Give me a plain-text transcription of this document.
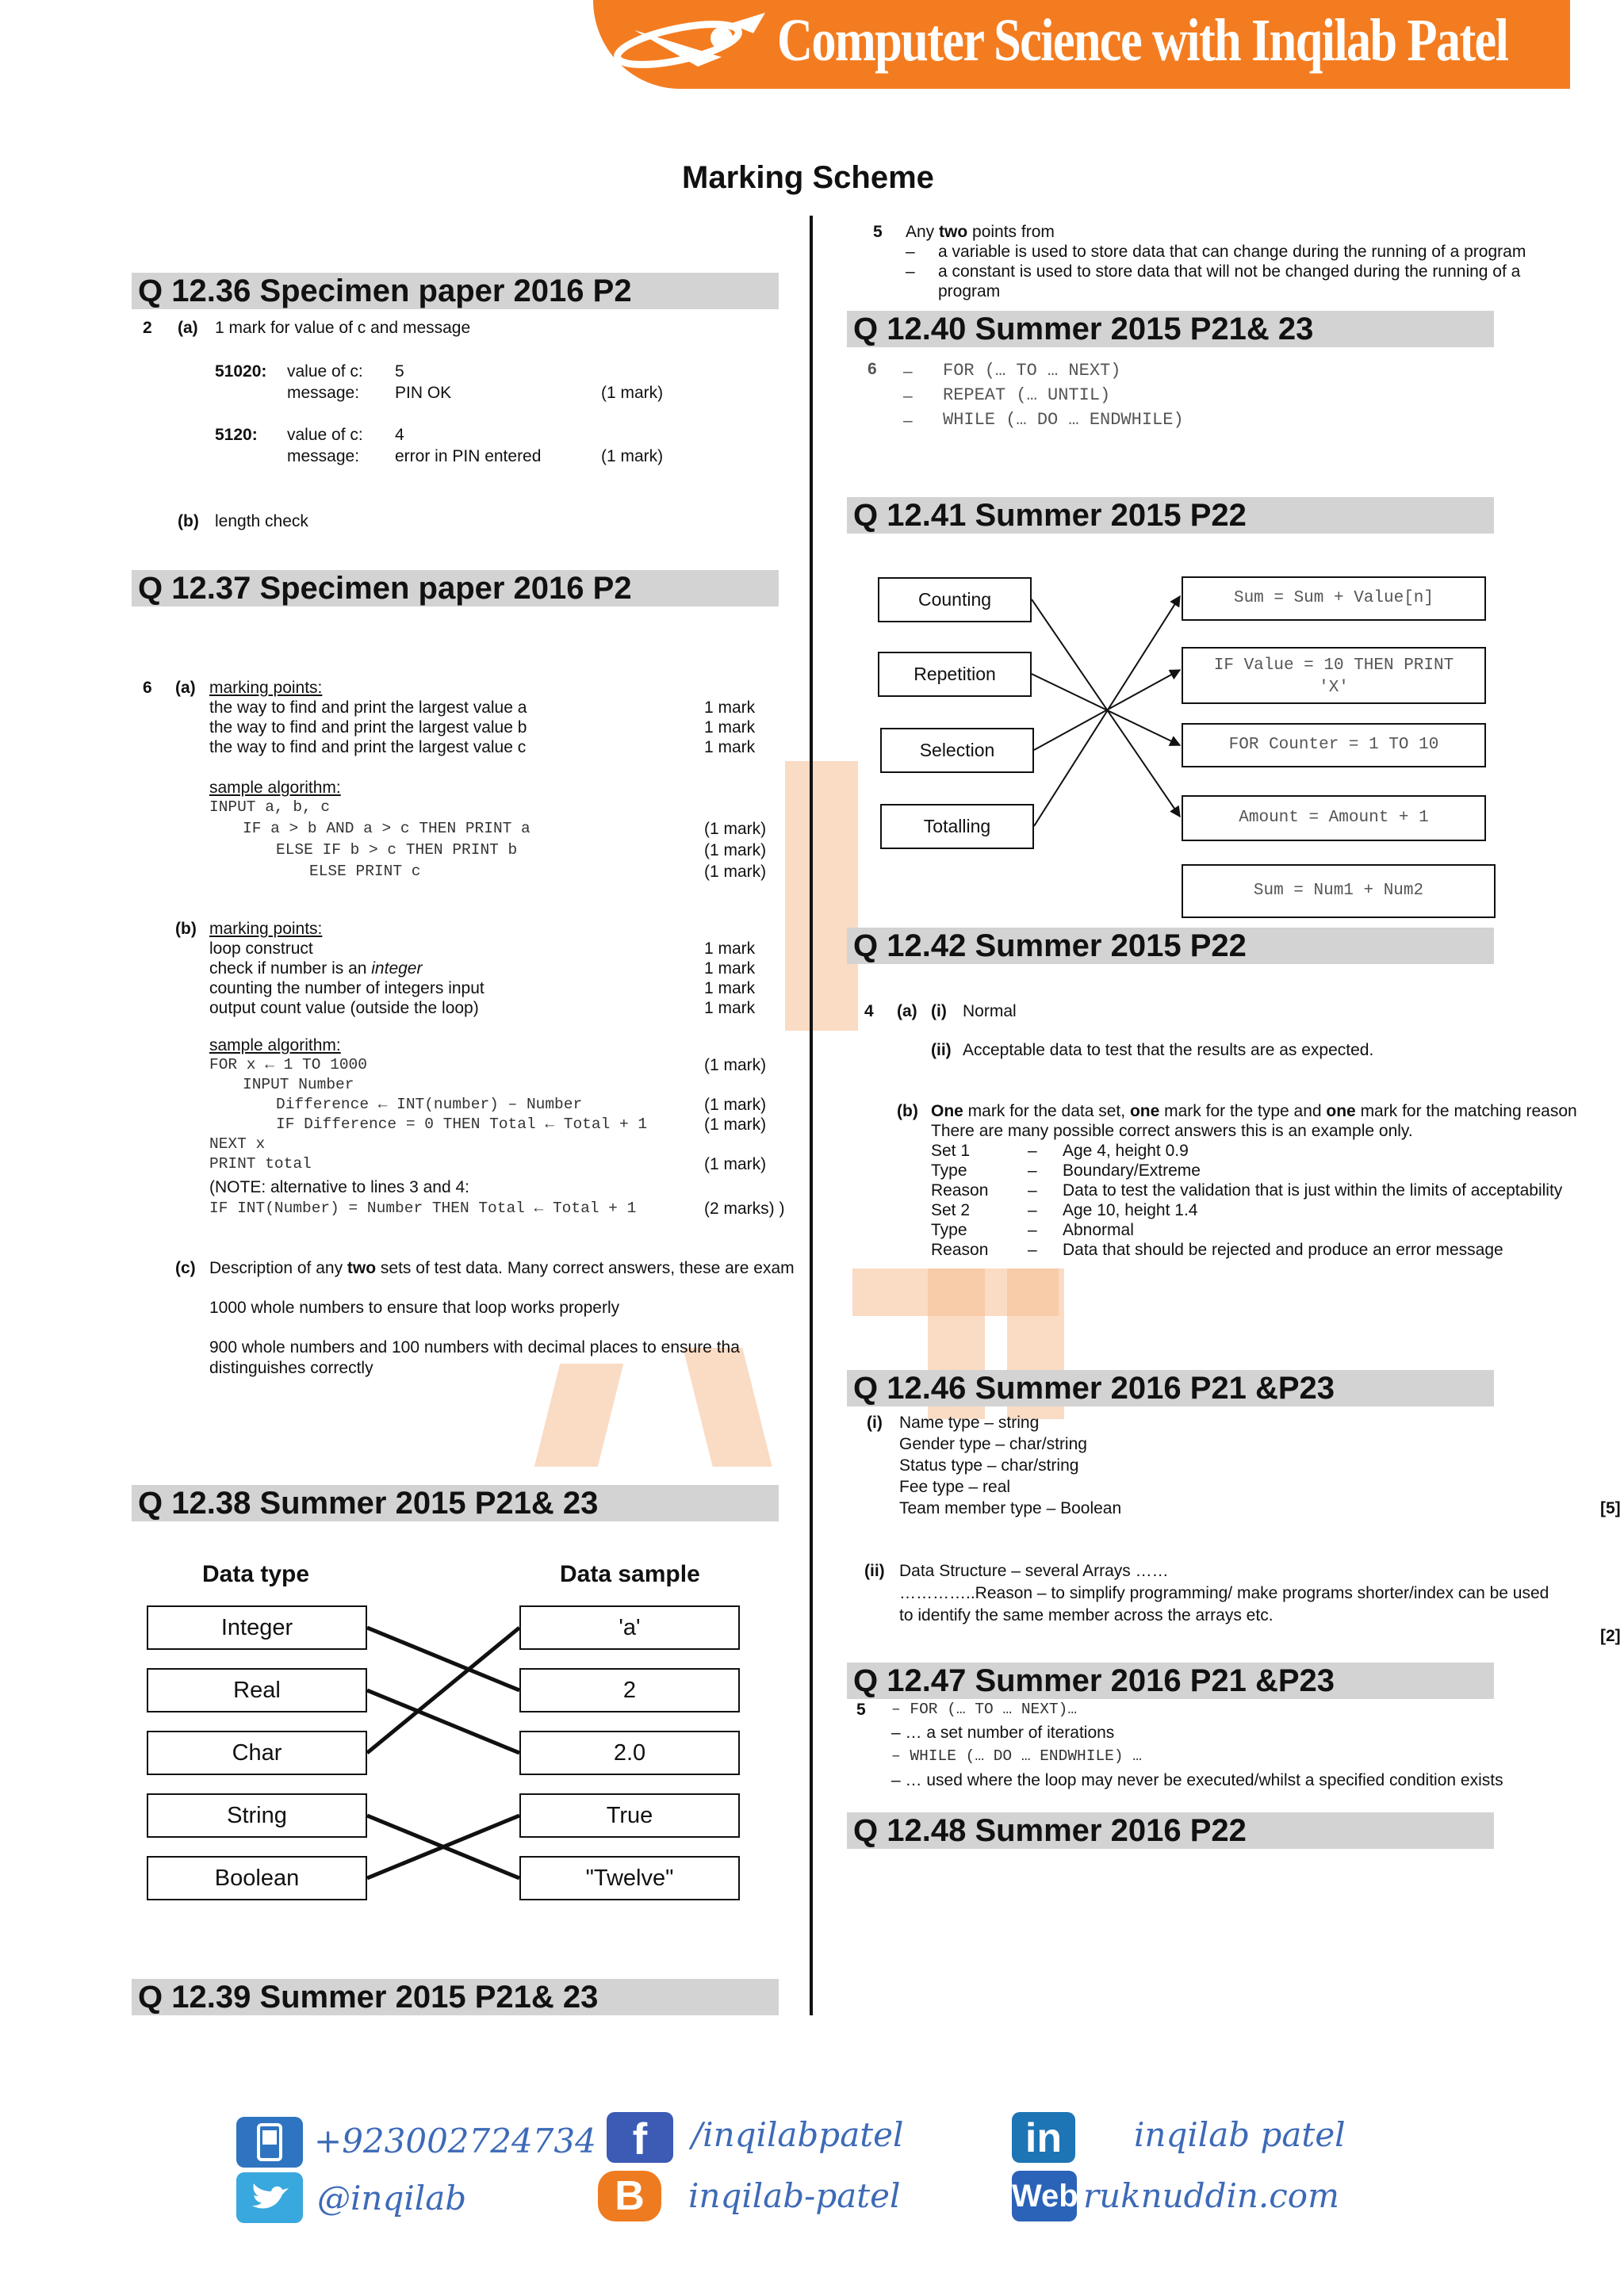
Computer Science with Inqilab Patel
Marking Scheme
Q 12.36 Specimen paper 2016 P2
2 (a) 1 mark for value of c and message
51020: value of c: 5
message: PIN OK	(1 mark)
5120: value of c: 4
message: error in PIN entered	(1 mark)
(b) length check
Q 12.37 Specimen paper 2016 P2
6 (a) marking points:
the way to find and print the largest value a	1 mark
the way to find and print the largest value b	1 mark
the way to find and print the largest value c	1 mark
sample algorithm:
INPUT a, b, c
IF a > b AND a > c THEN PRINT a	(1 mark)
ELSE IF b > c THEN PRINT b	(1 mark)
ELSE PRINT c	(1 mark)
(b) marking points:
loop construct	1 mark
check if number is an integer	1 mark
counting the number of integers input	1 mark
output count value (outside the loop)	1 mark
sample algorithm:
FOR x ← 1 TO 1000	(1 mark)
INPUT Number
Difference ← INT(number) – Number	(1 mark)
IF Difference = 0 THEN Total ← Total + 1	(1 mark)
NEXT x
PRINT total	(1 mark)
(NOTE: alternative to lines 3 and 4:
IF INT(Number) = Number THEN Total ← Total + 1	(2 marks) )
(c) Description of any two sets of test data. Many correct answers, these are exam
1000 whole numbers to ensure that loop works properly
900 whole numbers and 100 numbers with decimal places to ensure tha
distinguishes correctly
Q 12.38 Summer 2015 P21& 23
Data type	Data sample
Integer
Real
Char
String
Boolean
'a'
2
2.0
True
"Twelve"
Q 12.39 Summer 2015 P21& 23
5 Any two points from
– a variable is used to store data that can change during the running of a program
– a constant is used to store data that will not be changed during the running of a
program
Q 12.40 Summer 2015 P21& 23
6 – FOR (… TO … NEXT)
– REPEAT (… UNTIL)
– WHILE (… DO … ENDWHILE)
Q 12.41 Summer 2015 P22
Counting
Repetition
Selection
Totalling
Sum = Sum + Value[n]
IF Value = 10 THEN PRINT
'X'
FOR Counter = 1 TO 10
Amount = Amount + 1
Sum = Num1 + Num2
Q 12.42 Summer 2015 P22
4 (a) (i) Normal
(ii) Acceptable data to test that the results are as expected.
(b) One mark for the data set, one mark for the type and one mark for the matching reason
There are many possible correct answers this is an example only.
Set 1	– Age 4, height 0.9
Type	– Boundary/Extreme
Reason – Data to test the validation that is just within the limits of acceptability
Set 2	– Age 10, height 1.4
Type	– Abnormal
Reason – Data that should be rejected and produce an error message
Q 12.46 Summer 2016 P21 &P23
(i) Name type – string
Gender type – char/string
Status type – char/string
Fee type – real
Team member type – Boolean	[5]
(ii) Data Structure – several Arrays ……
…………..Reason – to simplify programming/ make programs shorter/index can be used
to identify the same member across the arrays etc.
[2]
Q 12.47 Summer 2016 P21 &P23
5 – FOR (… TO … NEXT)…
– … a set number of iterations
– WHILE (… DO … ENDWHILE) …
– … used where the loop may never be executed/whilst a specified condition exists
Q 12.48 Summer 2016 P22
+923002724734 f	/inqilabpatel	in	inqilab patel
@inqilab	B	inqilab-patel	Web ruknuddin.com
